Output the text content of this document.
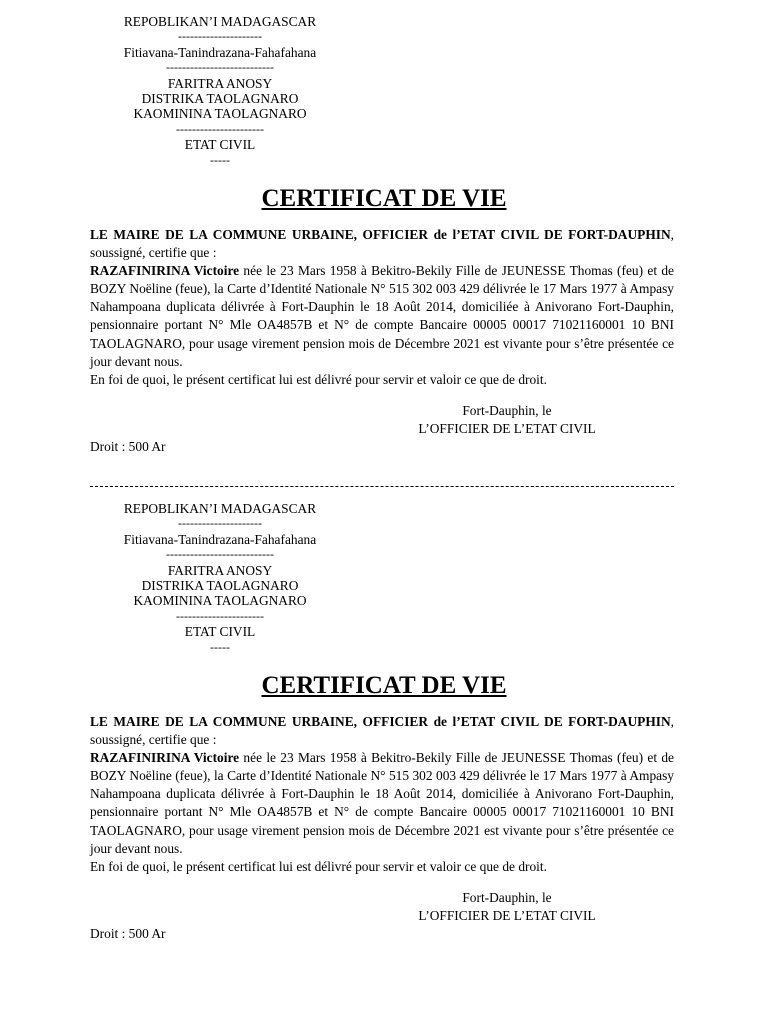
REPOBLIKAN’I MADAGASCAR
---------------------
Fitiavana-Tanindrazana-Fahafahana
---------------------------
FARITRA ANOSY
DISTRIKA TAOLAGNARO
KAOMININA TAOLAGNARO
----------------------
ETAT CIVIL
-----
CERTIFICAT DE VIE

LE MAIRE DE LA COMMUNE URBAINE, OFFICIER de l’ETAT CIVIL DE FORT-DAUPHIN, soussigné, certifie que :

RAZAFINIRINA Victoire née le 23 Mars 1958 à Bekitro-Bekily Fille de JEUNESSE Thomas (feu) et de BOZY Noëline (feue), la Carte d’Identité Nationale N° 515 302 003 429 délivrée le 17 Mars 1977 à Ampasy Nahampoana duplicata délivrée à Fort-Dauphin le 18 Août 2014, domiciliée à Anivorano Fort-Dauphin, pensionnaire portant N° Mle OA4857B et N° de compte Bancaire 00005 00017 71021160001 10 BNI TAOLAGNARO, pour usage virement pension mois de Décembre 2021 est vivante pour s’être présentée ce jour devant nous.

En foi de quoi, le présent certificat lui est délivré pour servir et valoir ce que de droit.

Fort-Dauphin, le
L’OFFICIER DE L’ETAT CIVIL
Droit : 500 Ar
REPOBLIKAN’I MADAGASCAR
---------------------
Fitiavana-Tanindrazana-Fahafahana
---------------------------
FARITRA ANOSY
DISTRIKA TAOLAGNARO
KAOMININA TAOLAGNARO
----------------------
ETAT CIVIL
-----
CERTIFICAT DE VIE

LE MAIRE DE LA COMMUNE URBAINE, OFFICIER de l’ETAT CIVIL DE FORT-DAUPHIN, soussigné, certifie que :

RAZAFINIRINA Victoire née le 23 Mars 1958 à Bekitro-Bekily Fille de JEUNESSE Thomas (feu) et de BOZY Noëline (feue), la Carte d’Identité Nationale N° 515 302 003 429 délivrée le 17 Mars 1977 à Ampasy Nahampoana duplicata délivrée à Fort-Dauphin le 18 Août 2014, domiciliée à Anivorano Fort-Dauphin, pensionnaire portant N° Mle OA4857B et N° de compte Bancaire 00005 00017 71021160001 10 BNI TAOLAGNARO, pour usage virement pension mois de Décembre 2021 est vivante pour s’être présentée ce jour devant nous.

En foi de quoi, le présent certificat lui est délivré pour servir et valoir ce que de droit.

Fort-Dauphin, le
L’OFFICIER DE L’ETAT CIVIL
Droit : 500 Ar
